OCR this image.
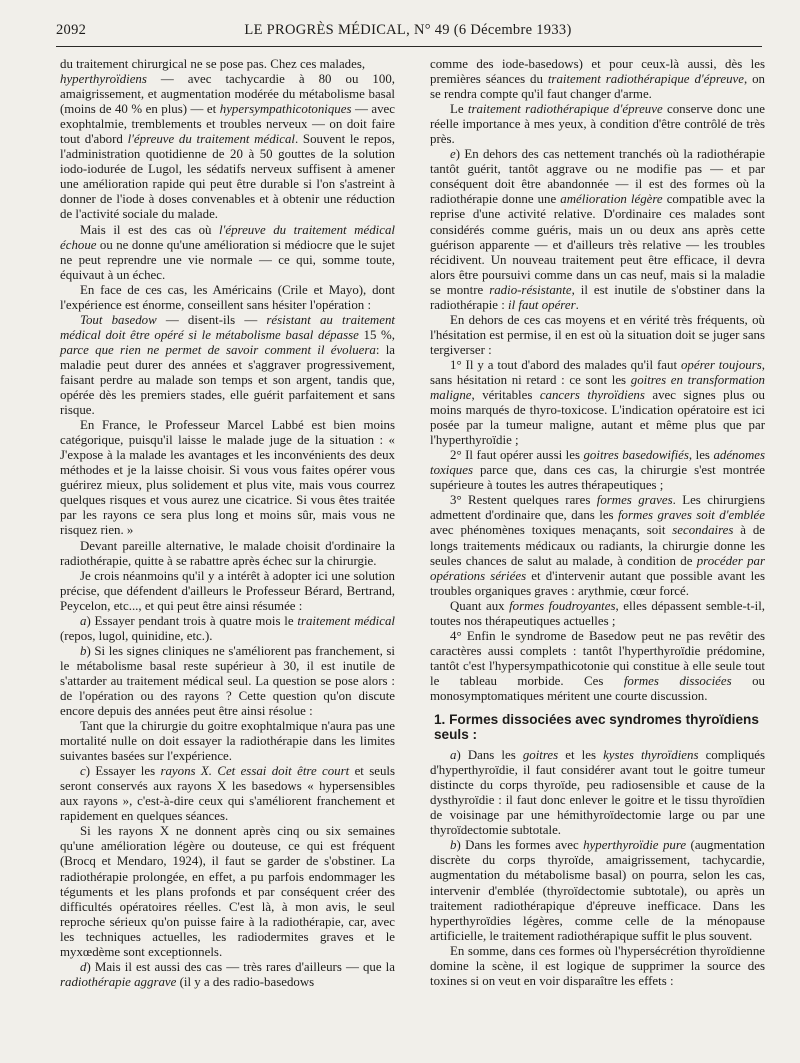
2092	LE PROGRÈS MÉDICAL, N° 49 (6 Décembre 1933)

du traitement chirurgical ne se pose pas. Chez ces malades,

hyperthyroïdiens — avec tachycardie à 80 ou 100, amaigrissement, et augmentation modérée du métabolisme basal (moins de 40 % en plus) — et hypersympathicotoniques — avec exophtalmie, tremblements et troubles nerveux — on doit faire tout d'abord l'épreuve du traitement médical. Souvent le repos, l'administration quotidienne de 20 à 50 gouttes de la solution iodo-iodurée de Lugol, les sédatifs nerveux suffisent à amener une amélioration rapide qui peut être durable si l'on s'astreint à donner de l'iode à doses convenables et à obtenir une réduction de l'activité sociale du malade.

Mais il est des cas où l'épreuve du traitement médical échoue ou ne donne qu'une amélioration si médiocre que le sujet ne peut reprendre une vie normale — ce qui, somme toute, équivaut à un échec.

En face de ces cas, les Américains (Crile et Mayo), dont l'expérience est énorme, conseillent sans hésiter l'opération :

Tout basedow — disent-ils — résistant au traitement médical doit être opéré si le métabolisme basal dépasse 15 %, parce que rien ne permet de savoir comment il évoluera: la maladie peut durer des années et s'aggraver progressivement, faisant perdre au malade son temps et son argent, tandis que, opérée dès les premiers stades, elle guérit parfaitement et sans risque.

En France, le Professeur Marcel Labbé est bien moins catégorique, puisqu'il laisse le malade juge de la situation : « J'expose à la malade les avantages et les inconvénients des deux méthodes et je la laisse choisir. Si vous vous faites opérer vous guérirez mieux, plus solidement et plus vite, mais vous courrez quelques risques et vous aurez une cicatrice. Si vous êtes traitée par les rayons ce sera plus long et moins sûr, mais vous ne risquez rien. »

Devant pareille alternative, le malade choisit d'ordinaire la radiothérapie, quitte à se rabattre après échec sur la chirurgie.

Je crois néanmoins qu'il y a intérêt à adopter ici une solution précise, que défendent d'ailleurs le Professeur Bérard, Bertrand, Peycelon, etc..., et qui peut être ainsi résumée :

a) Essayer pendant trois à quatre mois le traitement médical (repos, lugol, quinidine, etc.).

b) Si les signes cliniques ne s'améliorent pas franchement, si le métabolisme basal reste supérieur à 30, il est inutile de s'attarder au traitement médical seul. La question se pose alors : de l'opération ou des rayons ? Cette question qu'on discute encore depuis des années peut être ainsi résolue :

Tant que la chirurgie du goitre exophtalmique n'aura pas une mortalité nulle on doit essayer la radiothérapie dans les limites suivantes basées sur l'expérience.

c) Essayer les rayons X. Cet essai doit être court et seuls seront conservés aux rayons X les basedows « hypersensibles aux rayons », c'est-à-dire ceux qui s'améliorent franchement et rapidement en quelques séances.

Si les rayons X ne donnent après cinq ou six semaines qu'une amélioration légère ou douteuse, ce qui est fréquent (Brocq et Mendaro, 1924), il faut se garder de s'obstiner. La radiothérapie prolongée, en effet, a pu parfois endommager les téguments et les plans profonds et par conséquent créer des difficultés opératoires réelles. C'est là, à mon avis, le seul reproche sérieux qu'on puisse faire à la radiothérapie, car, avec les techniques actuelles, les radiodermites graves et le myxœdème sont exceptionnels.

d) Mais il est aussi des cas — très rares d'ailleurs — que la radiothérapie aggrave (il y a des radio-basedows

comme des iode-basedows) et pour ceux-là aussi, dès les premières séances du traitement radiothérapique d'épreuve, on se rendra compte qu'il faut changer d'arme.

Le traitement radiothérapique d'épreuve conserve donc une réelle importance à mes yeux, à condition d'être contrôlé de très près.

e) En dehors des cas nettement tranchés où la radiothérapie tantôt guérit, tantôt aggrave ou ne modifie pas — et par conséquent doit être abandonnée — il est des formes où la radiothérapie donne une amélioration légère compatible avec la reprise d'une activité relative. D'ordinaire ces malades sont considérés comme guéris, mais un ou deux ans après cette guérison apparente — et d'ailleurs très relative — les troubles récidivent. Un nouveau traitement peut être efficace, il devra alors être poursuivi comme dans un cas neuf, mais si la maladie se montre radio-résistante, il est inutile de s'obstiner dans la radiothérapie : il faut opérer.

En dehors de ces cas moyens et en vérité très fréquents, où l'hésitation est permise, il en est où la situation doit se juger sans tergiverser :

1° Il y a tout d'abord des malades qu'il faut opérer toujours, sans hésitation ni retard : ce sont les goitres en transformation maligne, véritables cancers thyroïdiens avec signes plus ou moins marqués de thyro-toxicose. L'indication opératoire est ici posée par la tumeur maligne, autant et même plus que par l'hyperthyroïdie ;

2° Il faut opérer aussi les goitres basedowifiés, les adénomes toxiques parce que, dans ces cas, la chirurgie s'est montrée supérieure à toutes les autres thérapeutiques ;

3° Restent quelques rares formes graves. Les chirurgiens admettent d'ordinaire que, dans les formes graves soit d'emblée avec phénomènes toxiques menaçants, soit secondaires à de longs traitements médicaux ou radiants, la chirurgie donne les seules chances de salut au malade, à condition de procéder par opérations sériées et d'intervenir autant que possible avant les troubles organiques graves : arythmie, cœur forcé.

Quant aux formes foudroyantes, elles dépassent semble-t-il, toutes nos thérapeutiques actuelles ;

4° Enfin le syndrome de Basedow peut ne pas revêtir des caractères aussi complets : tantôt l'hyperthyroïdie prédomine, tantôt c'est l'hypersympathicotonie qui constitue à elle seule tout le tableau morbide. Ces formes dissociées ou monosymptomatiques méritent une courte discussion.

1. Formes dissociées avec syndromes thyroïdiens seuls :

a) Dans les goitres et les kystes thyroïdiens compliqués d'hyperthyroïdie, il faut considérer avant tout le goitre tumeur distincte du corps thyroïde, peu radiosensible et cause de la dysthyroïdie : il faut donc enlever le goitre et le tissu thyroïdien de voisinage par une hémithyroïdectomie large ou par une thyroïdectomie subtotale.

b) Dans les formes avec hyperthyroïdie pure (augmentation discrète du corps thyroïde, amaigrissement, tachycardie, augmentation du métabolisme basal) on pourra, selon les cas, intervenir d'emblée (thyroïdectomie subtotale), ou après un traitement radiothérapique d'épreuve inefficace. Dans les hyperthyroïdies légères, comme celle de la ménopause artificielle, le traitement radiothérapique suffit le plus souvent.

En somme, dans ces formes où l'hypersécrétion thyroïdienne domine la scène, il est logique de supprimer la source des toxines si on veut en voir disparaître les effets :
